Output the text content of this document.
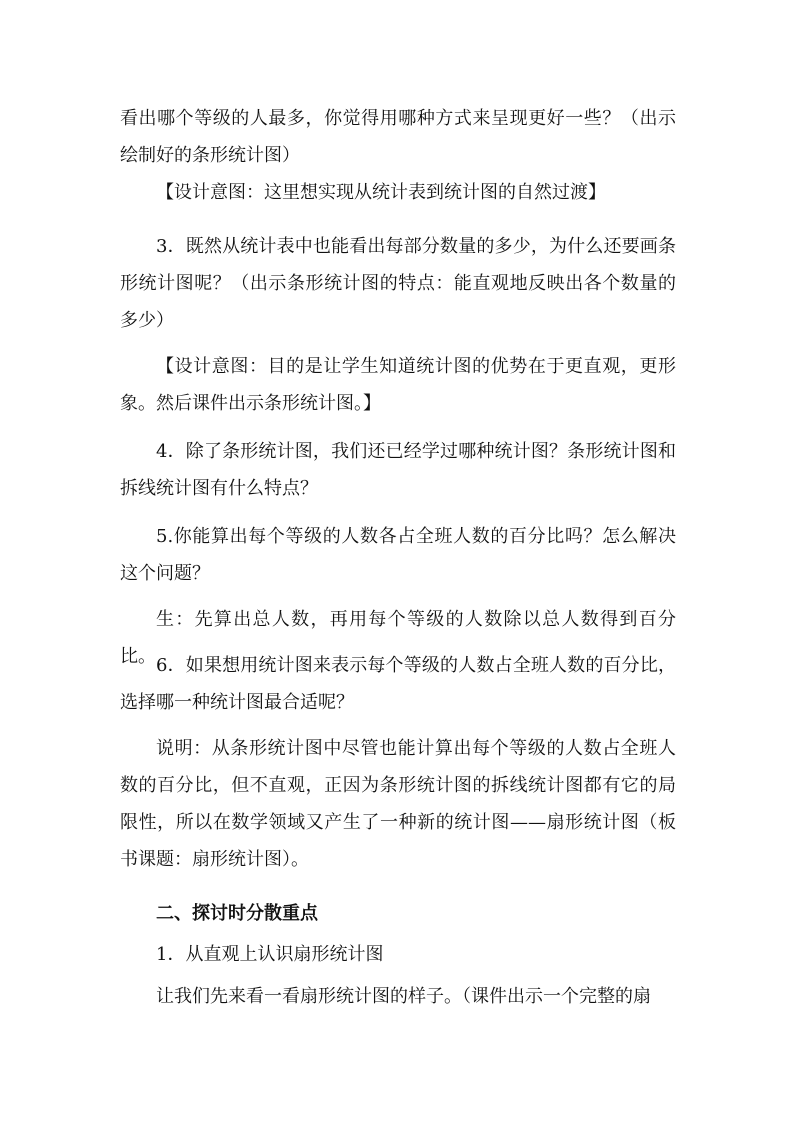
看出哪个等级的人最多，你觉得用哪种方式来呈现更好一些？（出示绘制好的条形统计图）

【设计意图：这里想实现从统计表到统计图的自然过渡】

3．既然从统计表中也能看出每部分数量的多少，为什么还要画条形统计图呢？（出示条形统计图的特点：能直观地反映出各个数量的多少）

【设计意图：目的是让学生知道统计图的优势在于更直观，更形象。然后课件出示条形统计图。】

4．除了条形统计图，我们还已经学过哪种统计图？条形统计图和拆线统计图有什么特点？

5.你能算出每个等级的人数各占全班人数的百分比吗？怎么解决这个问题？

生：先算出总人数，再用每个等级的人数除以总人数得到百分比。 6．如果想用统计图来表示每个等级的人数占全班人数的百分比，选择哪一种统计图最合适呢？

说明：从条形统计图中尽管也能计算出每个等级的人数占全班人数的百分比，但不直观，正因为条形统计图的拆线统计图都有它的局限性，所以在数学领域又产生了一种新的统计图——扇形统计图（板书课题：扇形统计图）。

二、探讨时分散重点

1．从直观上认识扇形统计图

让我们先来看一看扇形统计图的样子。（课件出示一个完整的扇
